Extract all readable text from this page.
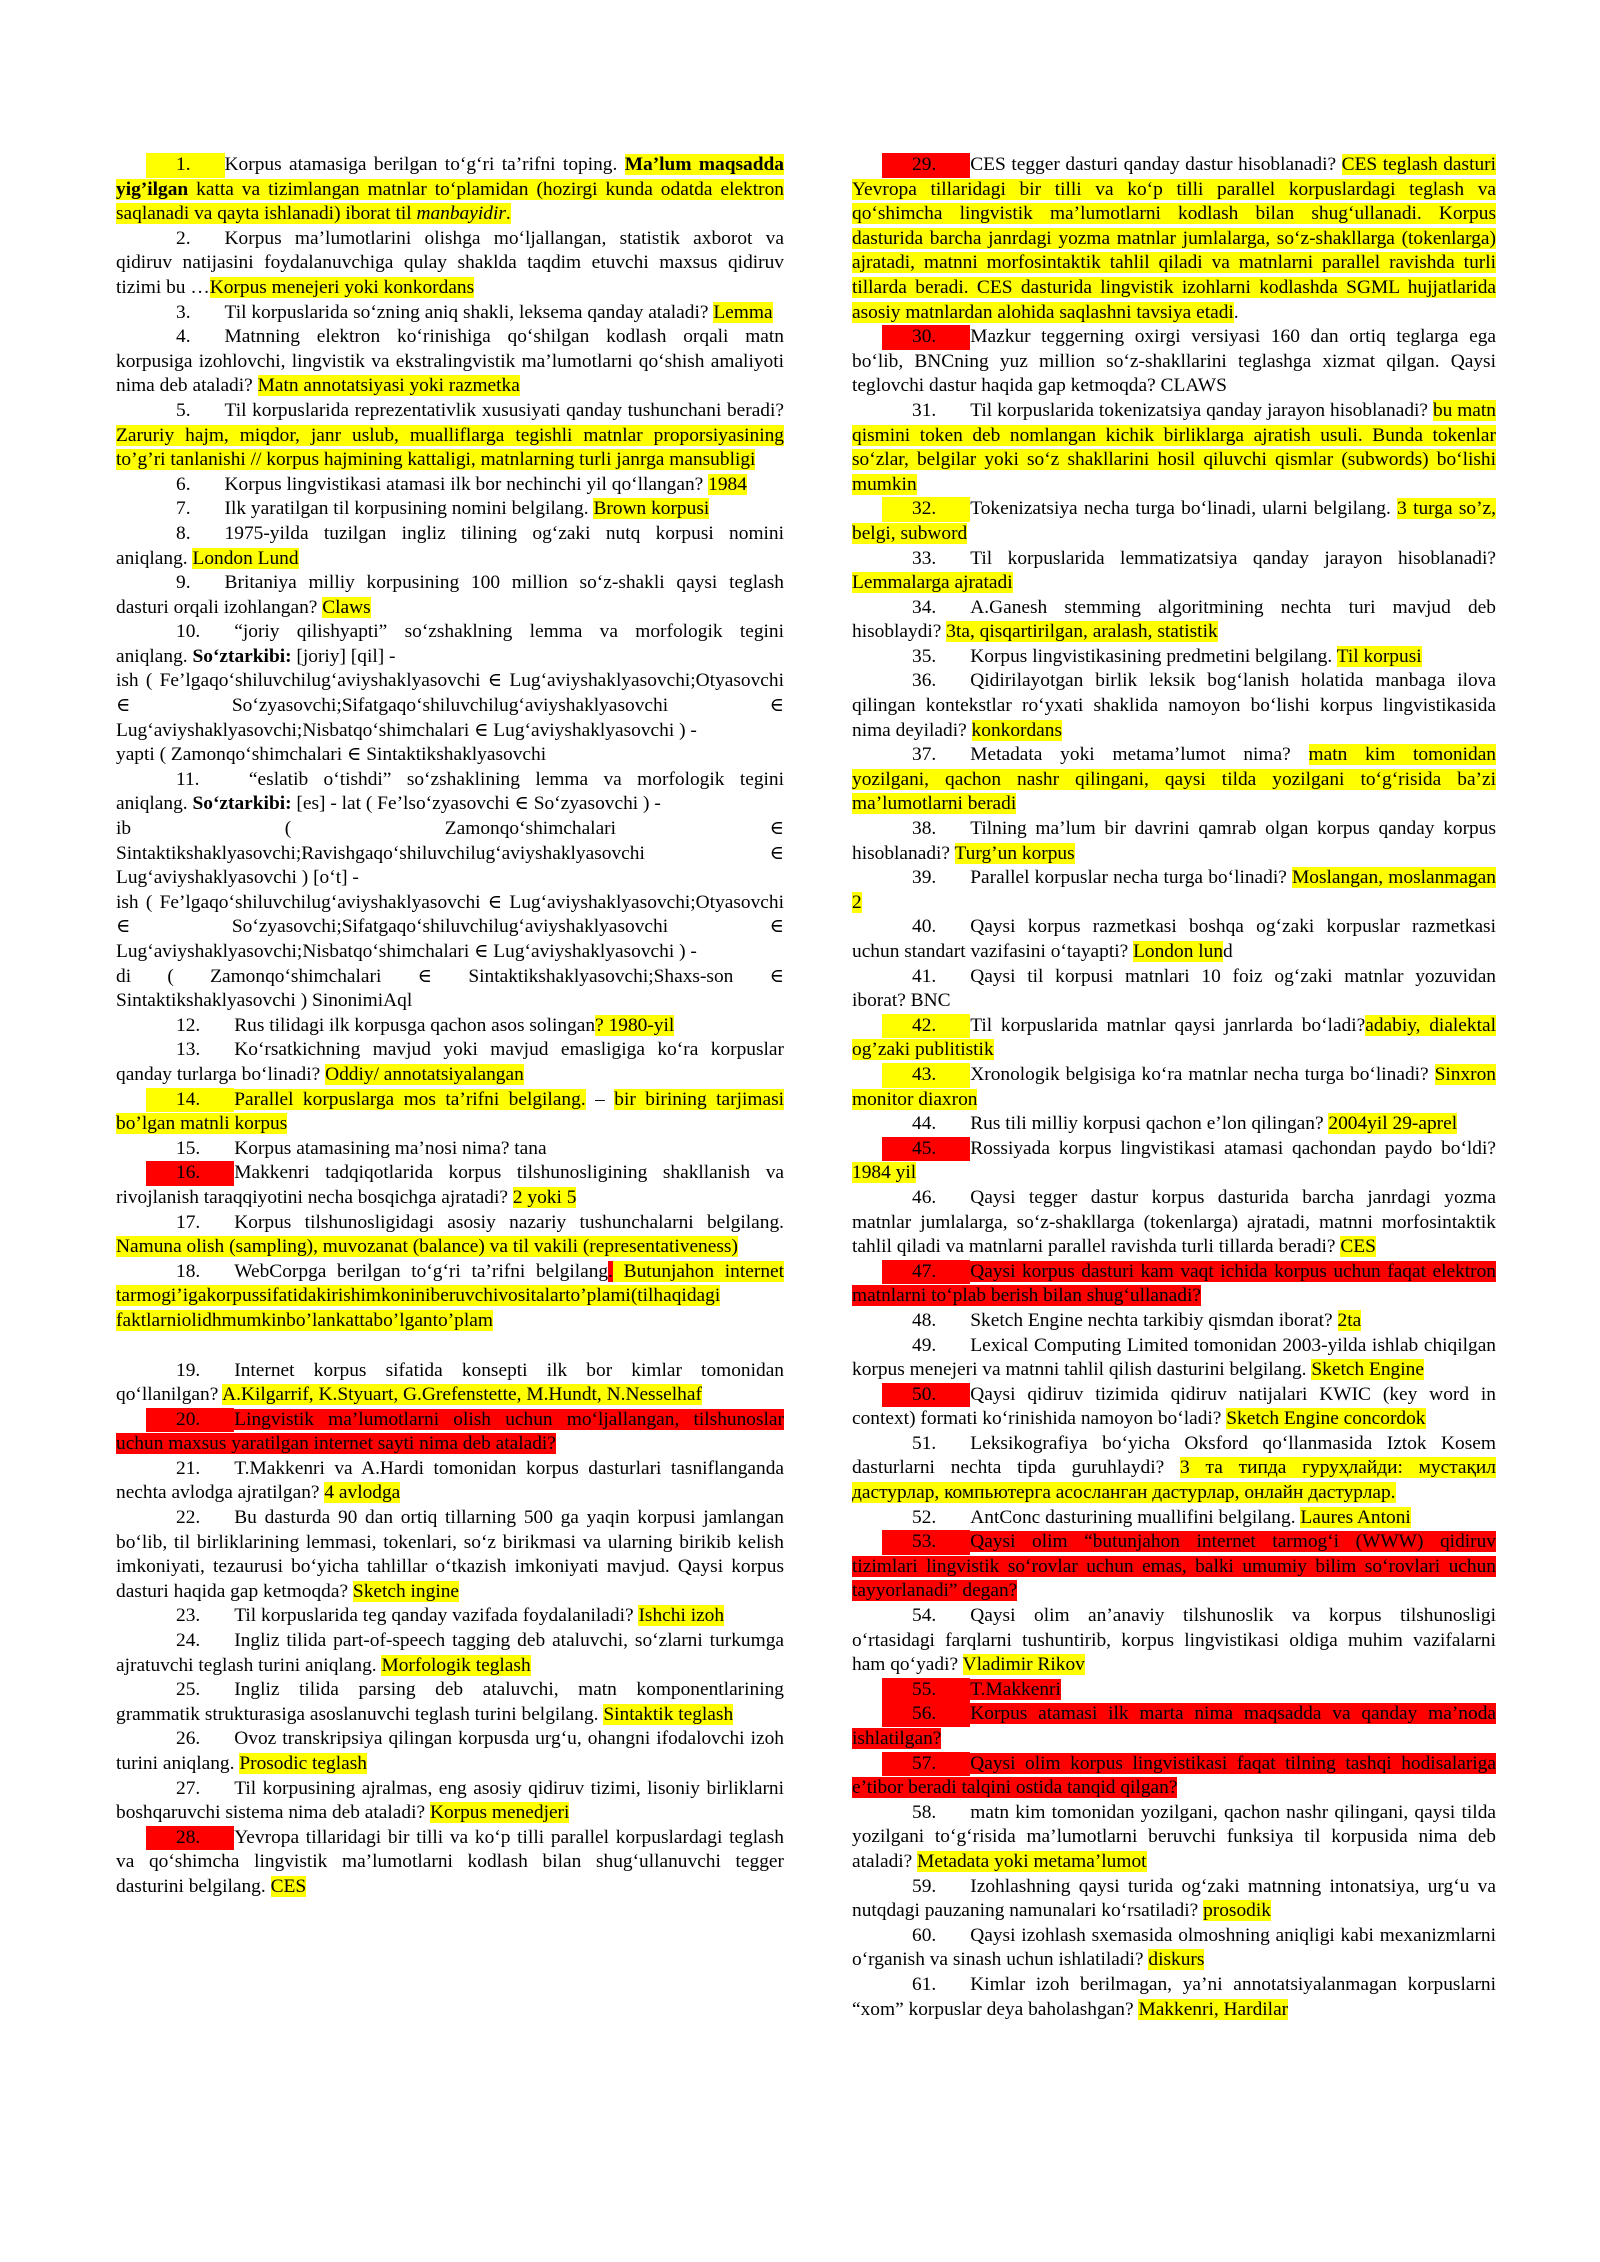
1. Korpus atamasiga berilgan to‘g‘ri ta’rifni toping. Ma’lum maqsadda yig’ilgan katta va tizimlangan matnlar to‘plamidan (hozirgi kunda odatda elektron saqlanadi va qayta ishlanadi) iborat til manbayidir.

2. Korpus ma’lumotlarini olishga mo‘ljallangan, statistik axborot va qidiruv natijasini foydalanuvchiga qulay shaklda taqdim etuvchi maxsus qidiruv tizimi bu …Korpus menejeri yoki konkordans

3. Til korpuslarida so‘zning aniq shakli, leksema qanday ataladi? Lemma

4. Matnning elektron ko‘rinishiga qo‘shilgan kodlash orqali matn korpusiga izohlovchi, lingvistik va ekstralingvistik ma’lumotlarni qo‘shish amaliyoti nima deb ataladi? Matn annotatsiyasi yoki razmetka

5. Til korpuslarida reprezentativlik xususiyati qanday tushunchani beradi? Zaruriy hajm, miqdor, janr uslub, mualliflarga tegishli matnlar proporsiyasining to’g’ri tanlanishi // korpus hajmining kattaligi, matnlarning turli janrga mansubligi

6. Korpus lingvistikasi atamasi ilk bor nechinchi yil qo‘llangan? 1984

7. Ilk yaratilgan til korpusining nomini belgilang. Brown korpusi

8. 1975-yilda tuzilgan ingliz tilining og‘zaki nutq korpusi nomini aniqlang. London Lund

9. Britaniya milliy korpusining 100 million so‘z-shakli qaysi teglash dasturi orqali izohlangan? Claws

10. “joriy qilishyapti” so‘zshaklning lemma va morfologik tegini aniqlang. So‘ztarkibi: [joriy] [qil] -

ish ( Fe’lgaqo‘shiluvchilug‘aviyshaklyasovchi ∈ Lug‘aviyshaklyasovchi;Otyasovchi ∈ So‘zyasovchi;Sifatgaqo‘shiluvchilug‘aviyshaklyasovchi ∈ Lug‘aviyshaklyasovchi;Nisbatqo‘shimchalari ∈ Lug‘aviyshaklyasovchi ) -

yapti ( Zamonqo‘shimchalari ∈ Sintaktikshaklyasovchi

11. “eslatib o‘tishdi” so‘zshaklining lemma va morfologik tegini aniqlang. So‘ztarkibi: [es] - lat ( Fe’lso‘zyasovchi ∈ So‘zyasovchi ) -

ib ( Zamonqo‘shimchalari ∈ Sintaktikshaklyasovchi;Ravishgaqo‘shiluvchilug‘aviyshaklyasovchi ∈ Lug‘aviyshaklyasovchi ) [o‘t] -

ish ( Fe’lgaqo‘shiluvchilug‘aviyshaklyasovchi ∈ Lug‘aviyshaklyasovchi;Otyasovchi ∈ So‘zyasovchi;Sifatgaqo‘shiluvchilug‘aviyshaklyasovchi ∈ Lug‘aviyshaklyasovchi;Nisbatqo‘shimchalari ∈ Lug‘aviyshaklyasovchi ) -

di ( Zamonqo‘shimchalari ∈ Sintaktikshaklyasovchi;Shaxs-son ∈ Sintaktikshaklyasovchi ) SinonimiAql

12. Rus tilidagi ilk korpusga qachon asos solingan? 1980-yil

13. Ko‘rsatkichning mavjud yoki mavjud emasligiga ko‘ra korpuslar qanday turlarga bo‘linadi? Oddiy/ annotatsiyalangan

14. Parallel korpuslarga mos ta’rifni belgilang. – bir birining tarjimasi bo’lgan matnli korpus

15. Korpus atamasining ma’nosi nima? tana

16. Makkenri tadqiqotlarida korpus tilshunosligining shakllanish va rivojlanish taraqqiyotini necha bosqichga ajratadi? 2 yoki 5

17. Korpus tilshunosligidagi asosiy nazariy tushunchalarni belgilang. Namuna olish (sampling), muvozanat (balance) va til vakili (representativeness)

18. WebCorpga berilgan to‘g‘ri ta’rifni belgilang. Butunjahon internet tarmogi’igakorpussifatidakirishimkoniniberuvchivositalarto’plami(tilhaqidagi faktlarniolidhmumkinbo’lankattabo’lganto’plam

19. Internet korpus sifatida konsepti ilk bor kimlar tomonidan qo‘llanilgan? A.Kilgarrif, K.Styuart, G.Grefenstette, M.Hundt, N.Nesselhaf

20. Lingvistik ma’lumotlarni olish uchun mo‘ljallangan, tilshunoslar uchun maxsus yaratilgan internet sayti nima deb ataladi?

21. T.Makkenri va A.Hardi tomonidan korpus dasturlari tasniflanganda nechta avlodga ajratilgan? 4 avlodga

22. Bu dasturda 90 dan ortiq tillarning 500 ga yaqin korpusi jamlangan bo‘lib, til birliklarining lemmasi, tokenlari, so‘z birikmasi va ularning birikib kelish imkoniyati, tezaurusi bo‘yicha tahlillar o‘tkazish imkoniyati mavjud. Qaysi korpus dasturi haqida gap ketmoqda? Sketch ingine

23. Til korpuslarida teg qanday vazifada foydalaniladi? Ishchi izoh

24. Ingliz tilida part-of-speech tagging deb ataluvchi, so‘zlarni turkumga ajratuvchi teglash turini aniqlang. Morfologik teglash

25. Ingliz tilida parsing deb ataluvchi, matn komponentlarining grammatik strukturasiga asoslanuvchi teglash turini belgilang. Sintaktik teglash

26. Ovoz transkripsiya qilingan korpusda urg‘u, ohangni ifodalovchi izoh turini aniqlang. Prosodic teglash

27. Til korpusining ajralmas, eng asosiy qidiruv tizimi, lisoniy birliklarni boshqaruvchi sistema nima deb ataladi? Korpus menedjeri

28. Yevropa tillaridagi bir tilli va ko‘p tilli parallel korpuslardagi teglash va qo‘shimcha lingvistik ma’lumotlarni kodlash bilan shug‘ullanuvchi tegger dasturini belgilang. CES

29. CES tegger dasturi qanday dastur hisoblanadi? CES teglash dasturi Yevropa tillaridagi bir tilli va ko‘p tilli parallel korpuslardagi teglash va qo‘shimcha lingvistik ma’lumotlarni kodlash bilan shug‘ullanadi. Korpus dasturida barcha janrdagi yozma matnlar jumlalarga, so‘z-shakllarga (tokenlarga) ajratadi, matnni morfosintaktik tahlil qiladi va matnlarni parallel ravishda turli tillarda beradi. CES dasturida lingvistik izohlarni kodlashda SGML hujjatlarida asosiy matnlardan alohida saqlashni tavsiya etadi.

30. Mazkur teggerning oxirgi versiyasi 160 dan ortiq teglarga ega bo‘lib, BNCning yuz million so‘z-shakllarini teglashga xizmat qilgan. Qaysi teglovchi dastur haqida gap ketmoqda? CLAWS

31. Til korpuslarida tokenizatsiya qanday jarayon hisoblanadi? bu matn qismini token deb nomlangan kichik birliklarga ajratish usuli. Bunda tokenlar so‘zlar, belgilar yoki so‘z shakllarini hosil qiluvchi qismlar (subwords) bo‘lishi mumkin

32. Tokenizatsiya necha turga bo‘linadi, ularni belgilang. 3 turga so’z, belgi, subword

33. Til korpuslarida lemmatizatsiya qanday jarayon hisoblanadi? Lemmalarga ajratadi

34. A.Ganesh stemming algoritmining nechta turi mavjud deb hisoblaydi? 3ta, qisqartirilgan, aralash, statistik

35. Korpus lingvistikasining predmetini belgilang. Til korpusi

36. Qidirilayotgan birlik leksik bog‘lanish holatida manbaga ilova qilingan kontekstlar ro‘yxati shaklida namoyon bo‘lishi korpus lingvistikasida nima deyiladi? konkordans

37. Metadata yoki metama’lumot nima? matn kim tomonidan yozilgani, qachon nashr qilingani, qaysi tilda yozilgani to‘g‘risida ba’zi ma’lumotlarni beradi

38. Tilning ma’lum bir davrini qamrab olgan korpus qanday korpus hisoblanadi? Turg’un korpus

39. Parallel korpuslar necha turga bo‘linadi? Moslangan, moslanmagan 2

40. Qaysi korpus razmetkasi boshqa og‘zaki korpuslar razmetkasi uchun standart vazifasini o‘tayapti? London lund

41. Qaysi til korpusi matnlari 10 foiz og‘zaki matnlar yozuvidan iborat? BNC

42. Til korpuslarida matnlar qaysi janrlarda bo‘ladi?adabiy, dialektal og’zaki publitistik

43. Xronologik belgisiga ko‘ra matnlar necha turga bo‘linadi? Sinxron monitor diaxron

44. Rus tili milliy korpusi qachon e’lon qilingan? 2004yil 29-aprel

45. Rossiyada korpus lingvistikasi atamasi qachondan paydo bo‘ldi? 1984 yil

46. Qaysi tegger dastur korpus dasturida barcha janrdagi yozma matnlar jumlalarga, so‘z-shakllarga (tokenlarga) ajratadi, matnni morfosintaktik tahlil qiladi va matnlarni parallel ravishda turli tillarda beradi? CES

47. Qaysi korpus dasturi kam vaqt ichida korpus uchun faqat elektron matnlarni to‘plab berish bilan shug‘ullanadi?

48. Sketch Engine nechta tarkibiy qismdan iborat? 2ta

49. Lexical Computing Limited tomonidan 2003-yilda ishlab chiqilgan korpus menejeri va matnni tahlil qilish dasturini belgilang. Sketch Engine

50. Qaysi qidiruv tizimida qidiruv natijalari KWIC (key word in context) formati ko‘rinishida namoyon bo‘ladi? Sketch Engine concordok

51. Leksikografiya bo‘yicha Oksford qo‘llanmasida Iztok Kosem dasturlarni nechta tipda guruhlaydi? 3 та типда гуруҳлайди: мустақил дастурлар, компьютерга асосланган дастурлар, онлайн дастурлар.

52. AntConc dasturining muallifini belgilang. Laures Antoni

53. Qaysi olim “butunjahon internet tarmog‘i (WWW) qidiruv tizimlari lingvistik so‘rovlar uchun emas, balki umumiy bilim so‘rovlari uchun tayyorlanadi” degan?

54. Qaysi olim an’anaviy tilshunoslik va korpus tilshunosligi o‘rtasidagi farqlarni tushuntirib, korpus lingvistikasi oldiga muhim vazifalarni ham qo‘yadi? Vladimir Rikov

55. T.Makkenri

56. Korpus atamasi ilk marta nima maqsadda va qanday ma’noda ishlatilgan?

57. Qaysi olim korpus lingvistikasi faqat tilning tashqi hodisalariga e’tibor beradi talqini ostida tanqid qilgan?

58. matn kim tomonidan yozilgani, qachon nashr qilingani, qaysi tilda yozilgani to‘g‘risida ma’lumotlarni beruvchi funksiya til korpusida nima deb ataladi? Metadata yoki metama’lumot

59. Izohlashning qaysi turida og‘zaki matnning intonatsiya, urg‘u va nutqdagi pauzaning namunalari ko‘rsatiladi? prosodik

60. Qaysi izohlash sxemasida olmoshning aniqligi kabi mexanizmlarni o‘rganish va sinash uchun ishlatiladi? diskurs

61. Kimlar izoh berilmagan, ya’ni annotatsiyalanmagan korpuslarni “xom” korpuslar deya baholashgan? Makkenri, Hardilar
